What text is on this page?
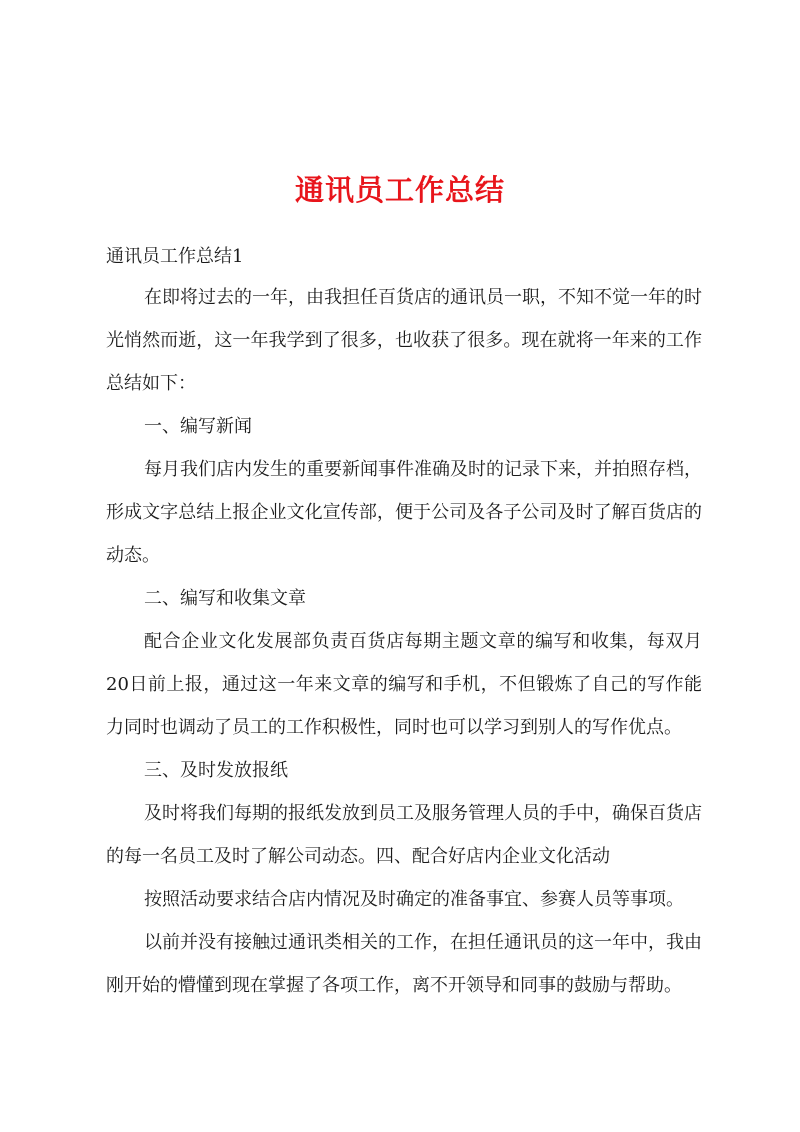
通讯员工作总结

通讯员工作总结1

在即将过去的一年，由我担任百货店的通讯员一职，不知不觉一年的时光悄然而逝，这一年我学到了很多，也收获了很多。现在就将一年来的工作总结如下：

一、编写新闻

每月我们店内发生的重要新闻事件准确及时的记录下来，并拍照存档，形成文字总结上报企业文化宣传部，便于公司及各子公司及时了解百货店的动态。

二、编写和收集文章

配合企业文化发展部负责百货店每期主题文章的编写和收集，每双月20日前上报，通过这一年来文章的编写和手机，不但锻炼了自己的写作能力同时也调动了员工的工作积极性，同时也可以学习到别人的写作优点。

三、及时发放报纸

及时将我们每期的报纸发放到员工及服务管理人员的手中，确保百货店的每一名员工及时了解公司动态。四、配合好店内企业文化活动

按照活动要求结合店内情况及时确定的准备事宜、参赛人员等事项。

以前并没有接触过通讯类相关的工作，在担任通讯员的这一年中，我由刚开始的懵懂到现在掌握了各项工作，离不开领导和同事的鼓励与帮助。
